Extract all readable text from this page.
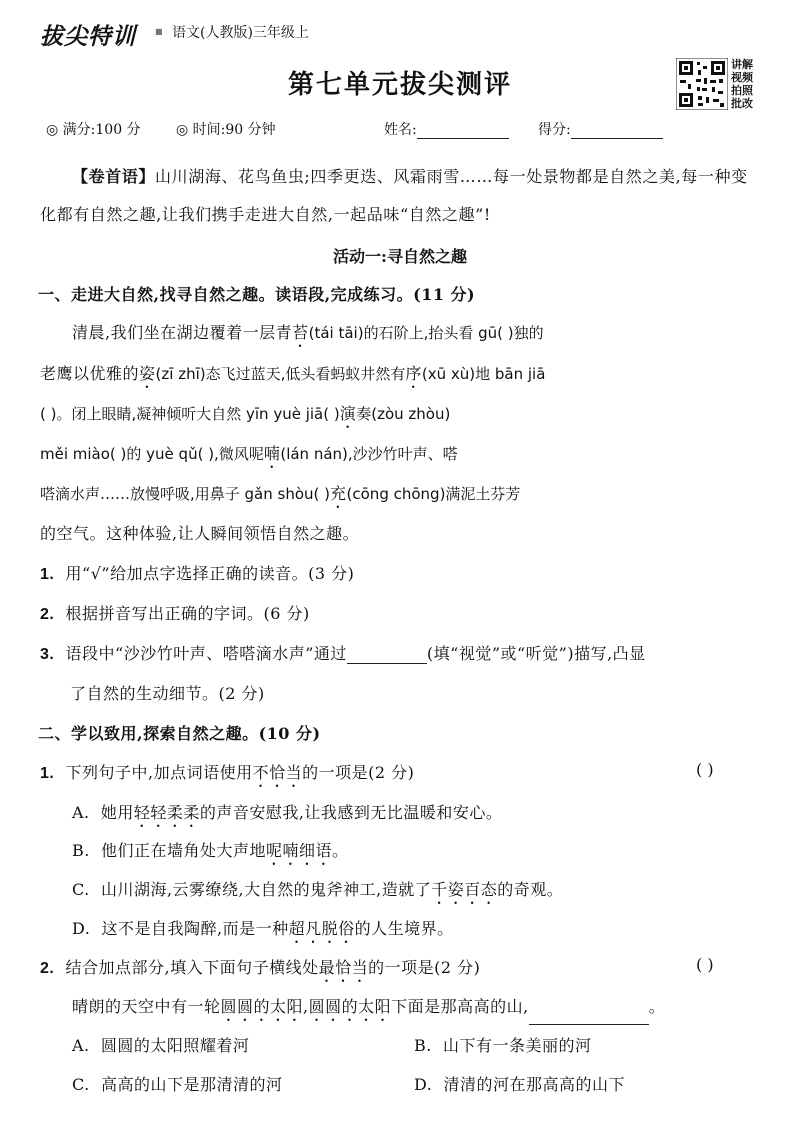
拔尖特训 ■ 语文(人教版)三年级上
第七单元拔尖测评
讲解视频拍照批改
◎ 满分:100 分	◎ 时间:90 分钟	姓名:	得分:
【卷首语】山川湖海、花鸟鱼虫;四季更迭、风霜雨雪……每一处景物都是自然之美,每一种变化都有自然之趣,让我们携手走进大自然,一起品味“自然之趣”!
活动一:寻自然之趣
一、走进大自然,找寻自然之趣。读语段,完成练习。(11 分)
清晨,我们坐在湖边覆着一层青苔(tái tāi)的石阶上,抬头看 gū( )独的
老鹰以优雅的姿(zī zhī)态飞过蓝天,低头看蚂蚁井然有序(xū xù)地 bān jiā
( )。闭上眼睛,凝神倾听大自然 yīn yuè jiā( )演奏(zòu zhòu)
měi miào( )的 yuè qǔ( ),微风呢喃(lán nán),沙沙竹叶声、嗒
嗒滴水声……放慢呼吸,用鼻子 gǎn shòu( )充(cōng chōng)满泥土芬芳
的空气。这种体验,让人瞬间领悟自然之趣。
1. 用“√”给加点字选择正确的读音。(3 分)
2. 根据拼音写出正确的字词。(6 分)
3. 语段中“沙沙竹叶声、嗒嗒滴水声”通过	(填“视觉”或“听觉”)描写,凸显
了自然的生动细节。(2 分)
二、学以致用,探索自然之趣。(10 分)
1. 下列句子中,加点词语使用不恰当的一项是(2 分)	( )
A. 她用轻轻柔柔的声音安慰我,让我感到无比温暖和安心。
B. 他们正在墙角处大声地呢喃细语。
C. 山川湖海,云雾缭绕,大自然的鬼斧神工,造就了千姿百态的奇观。
D. 这不是自我陶醉,而是一种超凡脱俗的人生境界。
2. 结合加点部分,填入下面句子横线处最恰当的一项是(2 分)	( )
晴朗的天空中有一轮圆圆的太阳,圆圆的太阳下面是那高高的山,	。
A. 圆圆的太阳照耀着河	B. 山下有一条美丽的河
C. 高高的山下是那清清的河	D. 清清的河在那高高的山下
